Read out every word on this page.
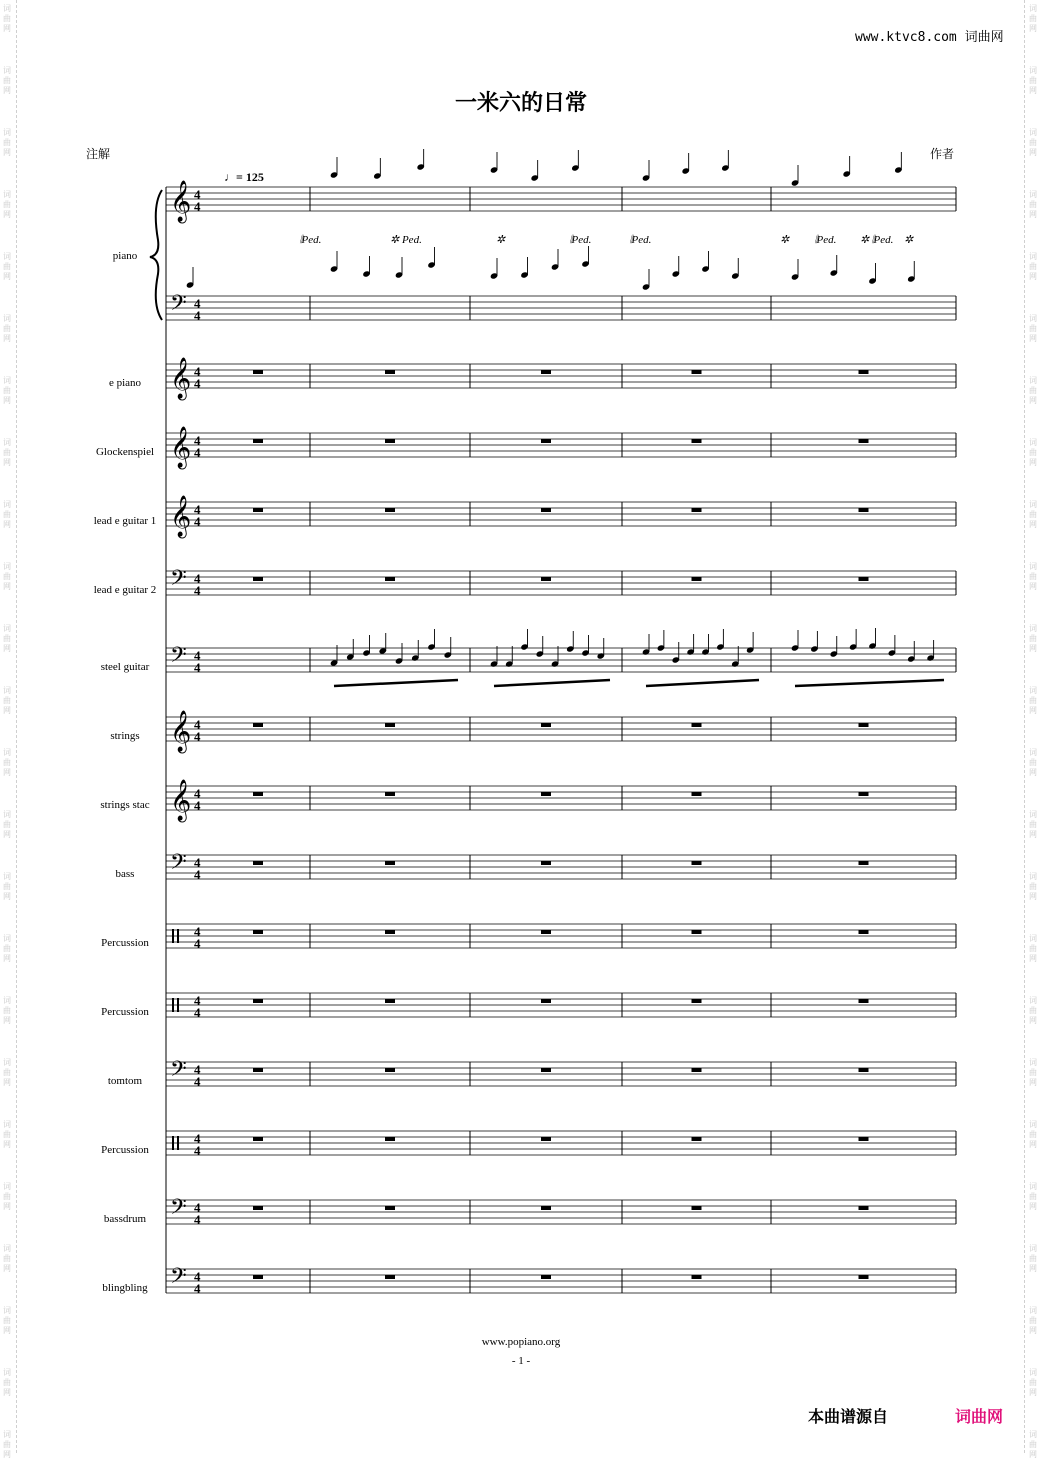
词
曲
网
词
曲
网
词
曲
网
词
曲
网
词
曲
网
词
曲
网
词
曲
网
词
曲
网
词
曲
网
词
曲
网
词
曲
网
词
曲
网
词
曲
网
词
曲
网
词
曲
网
词
曲
网
词
曲
网
词
曲
网
词
曲
网
词
曲
网
词
曲
网
词
曲
网
词
曲
网
词
曲
网
词
曲
网
词
曲
网
词
曲
网
词
曲
网
词
曲
网
词
曲
网
词
曲
网
词
曲
网
词
曲
网
词
曲
网
词
曲
网
词
曲
网
词
曲
网
词
曲
网
词
曲
网
词
曲
网
词
曲
网
词
曲
网
词
曲
网
词
曲
网
词
曲
网
词
曲
网
词
曲
网
词
曲
网
www.ktvc8.com 词曲网
一米六的日常
注解	作者
♩= 125
piano
e piano
Glockenspiel
lead e guitar 1
lead e guitar 2
steel guitar
strings
strings stac
bass
Percussion
Percussion
tomtom
Percussion
bassdrum
blingbling
𝄞 4
4
𝄢 4
4
𝄞 4
4
𝄞 4
4
𝄞 4
4
𝄢 4
4
𝄢 4
4
𝄞 4
4
𝄞 4
4
𝄢 4
4
4
4
4
4
𝄢 4
4
4
4
𝄢 4
4
𝄢 4
4
𝄁Ped.	✲ Ped.	✲	𝄁Ped.	𝄁Ped.	✲ 𝄁Ped. ✲ 𝄁Ped. ✲
www.popiano.org
- 1 -
本曲谱源自	词曲网
